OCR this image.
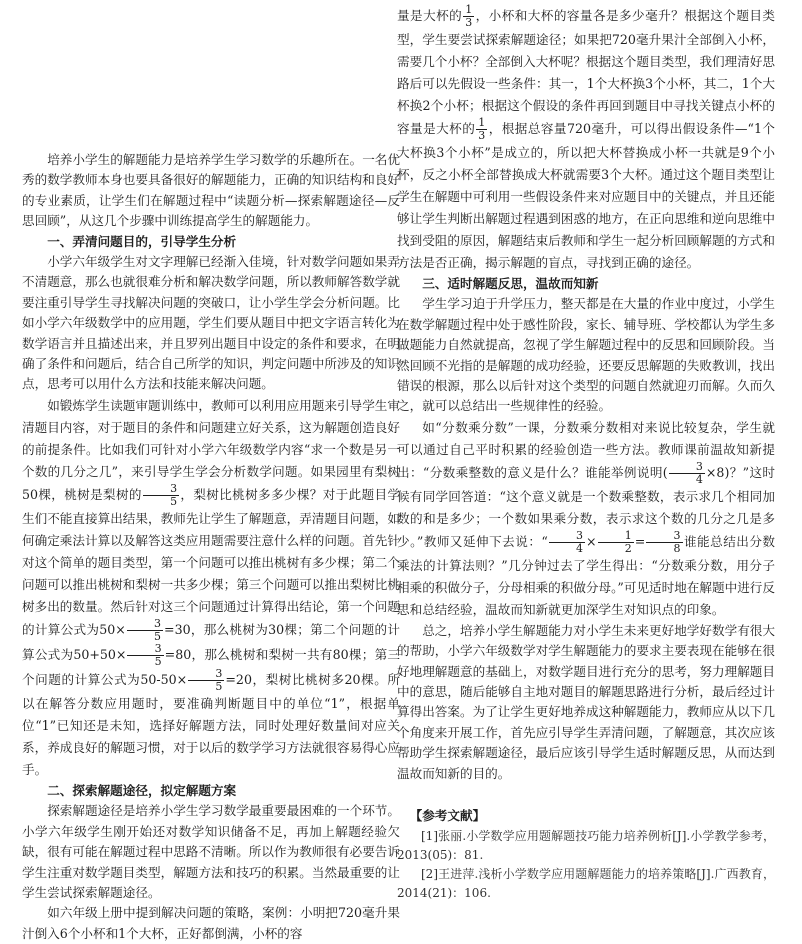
培养小学生的解题能力是培养学生学习数学的乐趣所在。一名优秀的数学教师本身也要具备很好的解题能力，正确的知识结构和良好的专业素质，让学生们在解题过程中“读题分析—探索解题途径—反思回顾”，从这几个步骤中训练提高学生的解题能力。

一、弄清问题目的，引导学生分析

小学六年级学生对文字理解已经渐入佳境，针对数学问题如果弄不清题意，那么也就很难分析和解决数学问题，所以教师解答数学就要注重引导学生寻找解决问题的突破口，让小学生学会分析问题。比如小学六年级数学中的应用题，学生们要从题目中把文字语言转化为数学语言并且描述出来，并且罗列出题目中设定的条件和要求，在明确了条件和问题后，结合自己所学的知识，判定问题中所涉及的知识点，思考可以用什么方法和技能来解决问题。

如锻炼学生读题审题训练中，教师可以利用应用题来引导学生审清题目内容，对于题目的条件和问题建立好关系，这为解题创造良好的前提条件。比如我们可针对小学六年级数学内容“求一个数是另一个数的几分之几”，来引导学生学会分析数学问题。如果园里有梨树50棵，桃树是梨树的 $\frac{3}{5}$ ，梨树比桃树多多少棵？对于此题目学生们不能直接算出结果，教师先让学生了解题意，弄清题目问题，如何确定乘法计算以及解答这类应用题需要注意什么样的问题。首先针对这个简单的题目类型，第一个问题可以推出桃树有多少棵；第二个问题可以推出桃树和梨树一共多少棵；第三个问题可以推出梨树比桃树多出的数量。然后针对这三个问题通过计算得出结论，第一个问题的计算公式为$50\times \frac{3}{5} =30$，那么桃树为30棵；第二个问题的计算公式为$50+50\times \frac{3}{5} =80$，那么桃树和梨树一共有80棵；第三个问题的计算公式为$50-50\times \frac{3}{5} =20$，梨树比桃树多20棵。所以在解答分数应用题时，要准确判断题目中的单位“1”，根据单位“1”已知还是未知，选择好解题方法，同时处理好数量间对应关系，养成良好的解题习惯，对于以后的数学学习方法就很容易得心应手。

二、探索解题途径，拟定解题方案

探索解题途径是培养小学生学习数学最重要最困难的一个环节。小学六年级学生刚开始还对数学知识储备不足，再加上解题经验欠缺，很有可能在解题过程中思路不清晰。所以作为教师很有必要告诉学生注重对数学题目类型，解题方法和技巧的积累。当然最重要的让学生尝试探索解题途径。

如六年级上册中提到解决问题的策略，案例：小明把720毫升果汁倒入6个小杯和1个大杯，正好都倒满，小杯的容

量是大杯的 $\frac{1}{3}$ ，小杯和大杯的容量各是多少毫升？根据这个题目类型，学生要尝试探索解题途径；如果把720毫升果汁全部倒入小杯，需要几个小杯？全部倒入大杯呢？根据这个题目类型，我们理清好思路后可以先假设一些条件：其一，1个大杯换3个小杯，其二，1个大杯换2个小杯；根据这个假设的条件再回到题目中寻找关键点小杯的容量是大杯的 $\frac{1}{3}$ ，根据总容量720毫升，可以得出假设条件—“1个大杯换3个小杯”是成立的，所以把大杯替换成小杯一共就是9个小杯，反之小杯全部替换成大杯就需要3个大杯。通过这个题目类型让学生在解题中可利用一些假设条件来对应题目中的关键点，并且还能够让学生判断出解题过程遇到困惑的地方，在正向思维和逆向思维中找到受阻的原因，解题结束后教师和学生一起分析回顾解题的方式和方法是否正确，揭示解题的盲点，寻找到正确的途径。

三、适时解题反思，温故而知新

学生学习迫于升学压力，整天都是在大量的作业中度过，小学生在数学解题过程中处于感性阶段，家长、辅导班、学校都认为学生多做题能力自然就提高，忽视了学生解题过程中的反思和回顾阶段。当然回顾不光指的是解题的成功经验，还要反思解题的失败教训，找出错误的根源，那么以后针对这个类型的问题自然就迎刃而解。久而久之，就可以总结出一些规律性的经验。

如“分数乘分数”一课，分数乘分数相对来说比较复杂，学生就可以通过自己平时积累的经验创造一些方法。教师课前温故知新提出：“分数乘整数的意义是什么？谁能举例说明( $\frac{3}{4} \times 8$)？”这时候有同学回答道：“这个意义就是一个数乘整数，表示求几个相同加数的和是多少；一个数如果乘分数，表示求这个数的几分之几是多少。”教师又延伸下去说：“ $\frac{3}{4} \times \frac{1}{2} = \frac{3}{8}$ 谁能总结出分数乘法的计算法则？”几分钟过去了学生得出：“分数乘分数，用分子相乘的积做分子，分母相乘的积做分母。”可见适时地在解题中进行反思和总结经验，温故而知新就更加深学生对知识点的印象。

总之，培养小学生解题能力对小学生未来更好地学好数学有很大的帮助，小学六年级数学对学生解题能力的要求主要表现在能够在很好地理解题意的基础上，对数学题目进行充分的思考，努力理解题目中的意思，随后能够自主地对题目的解题思路进行分析，最后经过计算得出答案。为了让学生更好地养成这种解题能力，教师应从以下几个角度来开展工作，首先应引导学生弄清问题，了解题意，其次应该帮助学生探索解题途径，最后应该引导学生适时解题反思，从而达到温故而知新的目的。

【参考文献】

[1]张丽.小学数学应用题解题技巧能力培养例析[J].小学教学参考，2013(05)：81.

[2]王进萍.浅析小学数学应用题解题能力的培养策略[J].广西教育，2014(21)：106.
